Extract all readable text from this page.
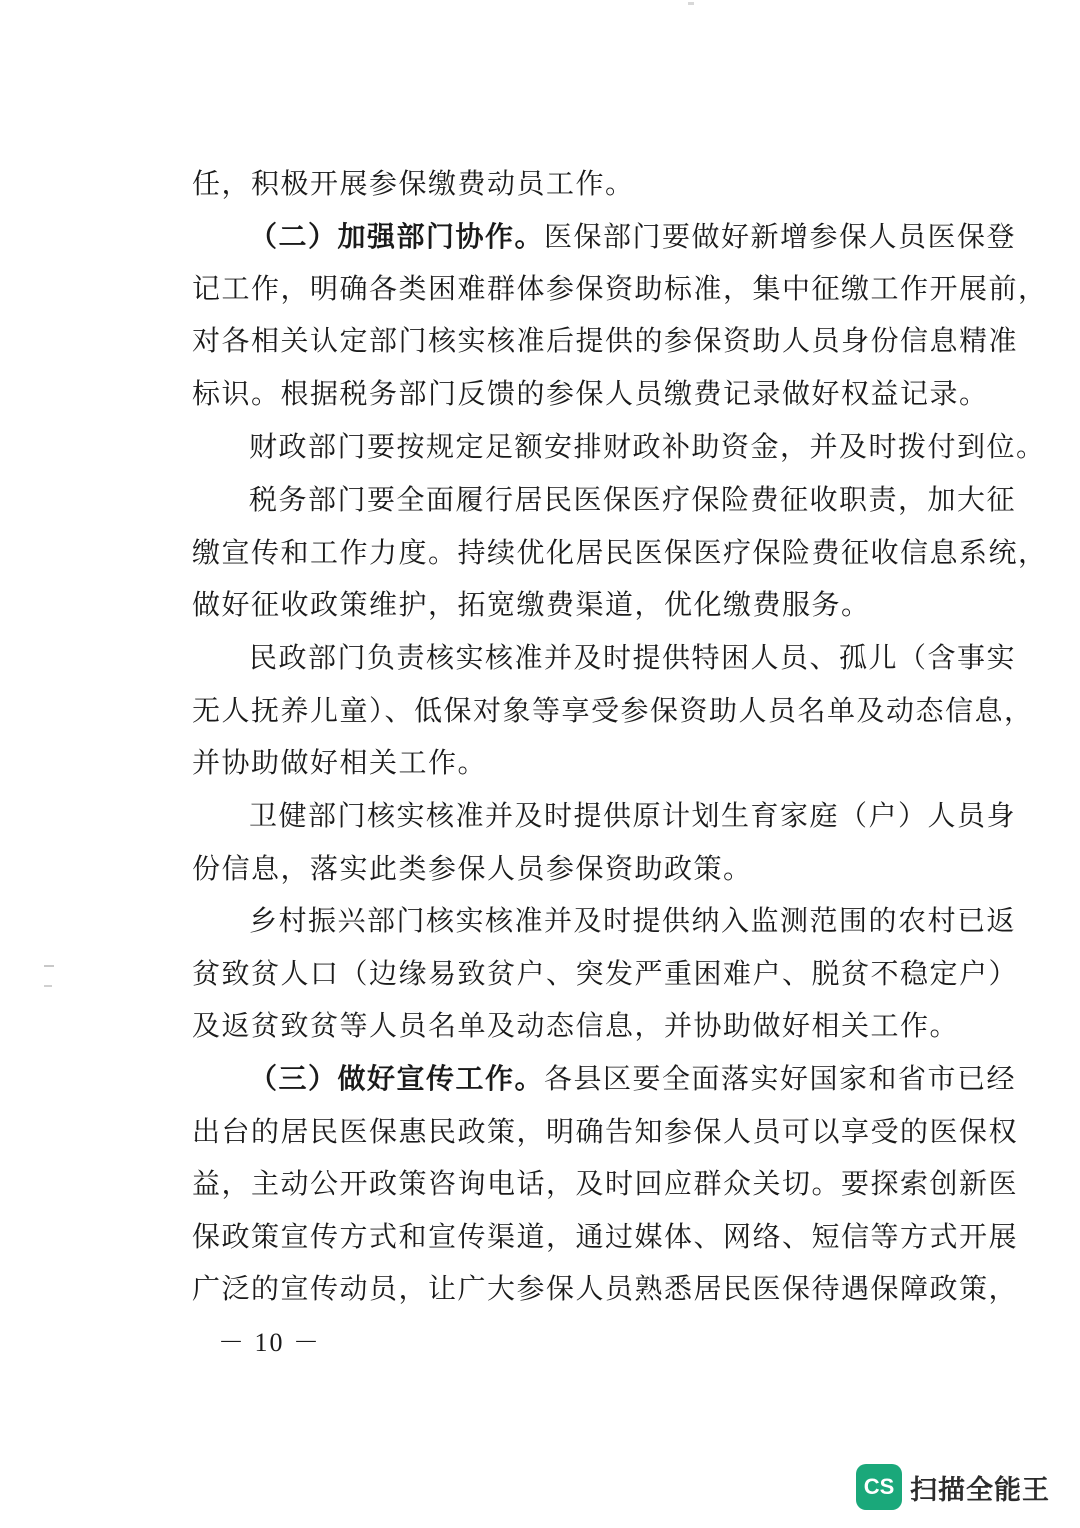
任，积极开展参保缴费动员工作。
（二）加强部门协作。医保部门要做好新增参保人员医保登
记工作，明确各类困难群体参保资助标准，集中征缴工作开展前，
对各相关认定部门核实核准后提供的参保资助人员身份信息精准
标识。根据税务部门反馈的参保人员缴费记录做好权益记录。
财政部门要按规定足额安排财政补助资金，并及时拨付到位。
税务部门要全面履行居民医保医疗保险费征收职责，加大征
缴宣传和工作力度。持续优化居民医保医疗保险费征收信息系统，
做好征收政策维护，拓宽缴费渠道，优化缴费服务。
民政部门负责核实核准并及时提供特困人员、孤儿（含事实
无人抚养儿童）、低保对象等享受参保资助人员名单及动态信息，
并协助做好相关工作。
卫健部门核实核准并及时提供原计划生育家庭（户）人员身
份信息，落实此类参保人员参保资助政策。
乡村振兴部门核实核准并及时提供纳入监测范围的农村已返
贫致贫人口（边缘易致贫户、突发严重困难户、脱贫不稳定户）
及返贫致贫等人员名单及动态信息，并协助做好相关工作。
（三）做好宣传工作。各县区要全面落实好国家和省市已经
出台的居民医保惠民政策，明确告知参保人员可以享受的医保权
益，主动公开政策咨询电话，及时回应群众关切。要探索创新医
保政策宣传方式和宣传渠道，通过媒体、网络、短信等方式开展
广泛的宣传动员，让广大参保人员熟悉居民医保待遇保障政策，
－ 10 －
CS 扫描全能王
